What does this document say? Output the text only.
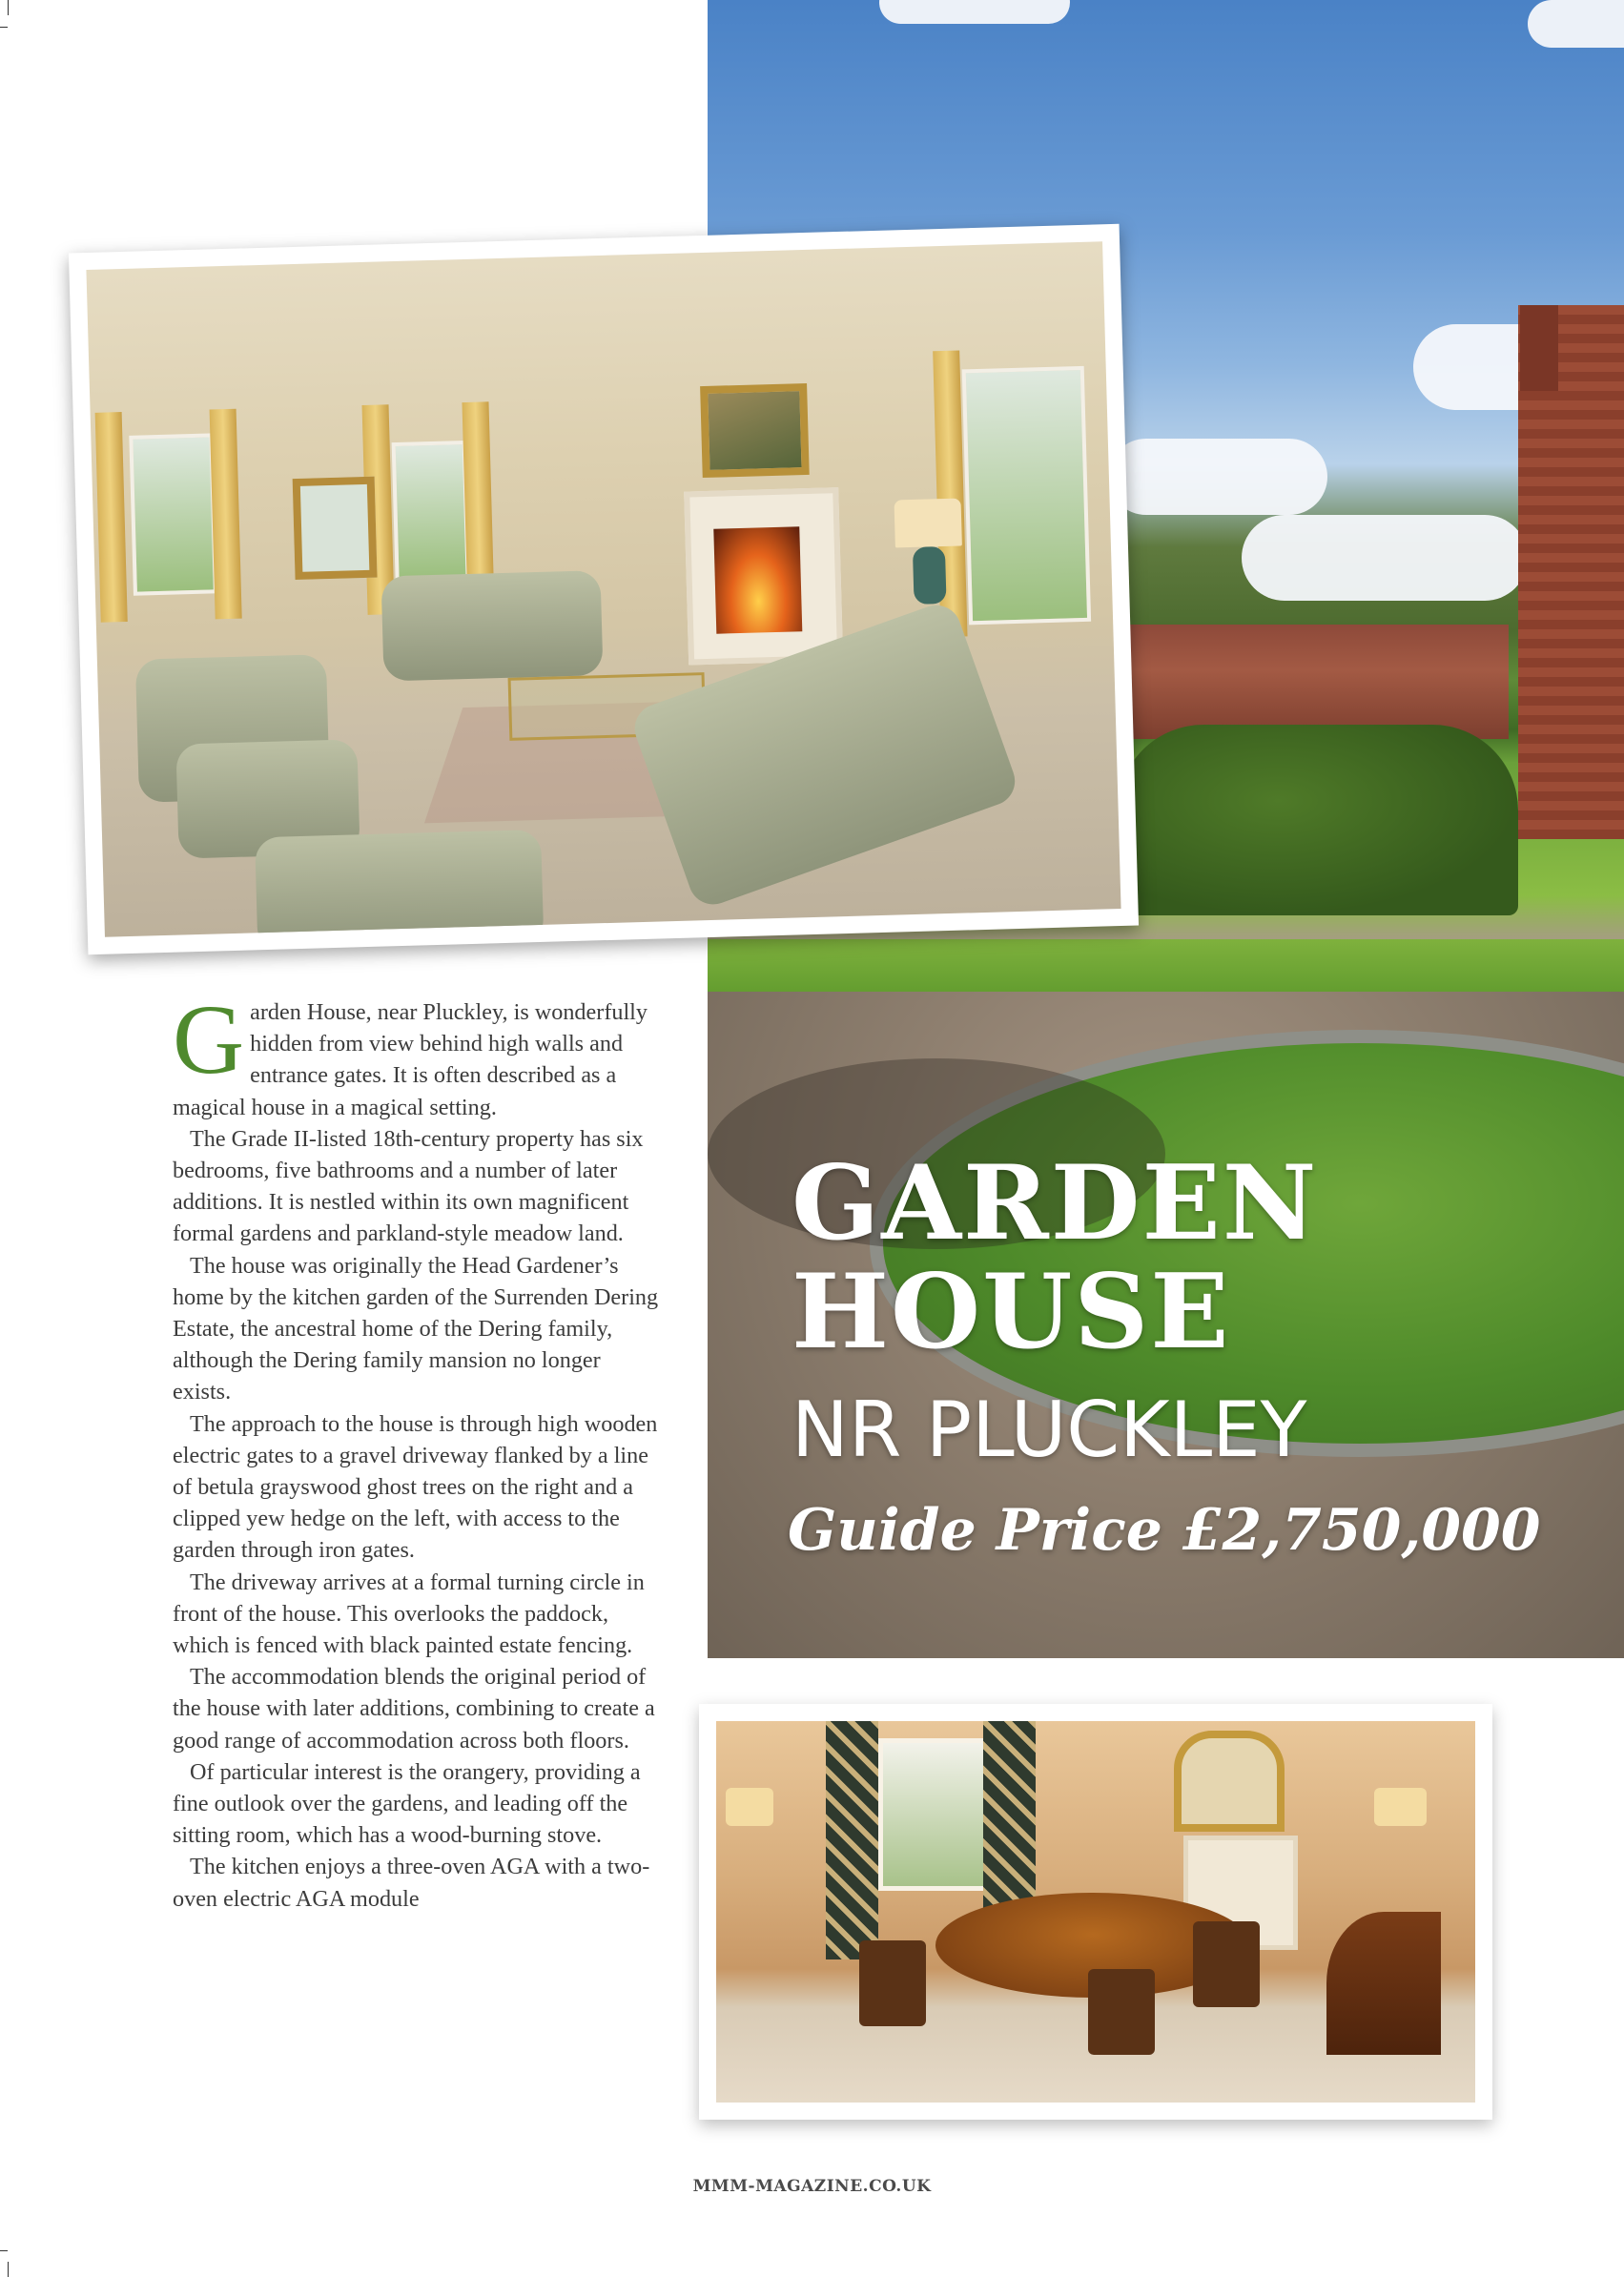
GARDEN
HOUSE
NR PLUCKLEY
Guide Price £2,750,000

Garden House, near Pluckley, is wonderfully hidden from view behind high walls and entrance gates. It is often described as a magical house in a magical setting.

The Grade II-listed 18th-century property has six bedrooms, five bathrooms and a number of later additions. It is nestled within its own magnificent formal gardens and parkland-style meadow land.

The house was originally the Head Gardener’s home by the kitchen garden of the Surrenden Dering Estate, the ancestral home of the Dering family, although the Dering family mansion no longer exists.

The approach to the house is through high wooden electric gates to a gravel driveway flanked by a line of betula grayswood ghost trees on the right and a clipped yew hedge on the left, with access to the garden through iron gates.

The driveway arrives at a formal turning circle in front of the house. This overlooks the paddock, which is fenced with black painted estate fencing.

The accommodation blends the original period of the house with later additions, combining to create a good range of accommodation across both floors.

Of particular interest is the orangery, providing a fine outlook over the gardens, and leading off the sitting room, which has a wood-burning stove.

The kitchen enjoys a three-oven AGA with a two-oven electric AGA module

MMM-MAGAZINE.CO.UK
